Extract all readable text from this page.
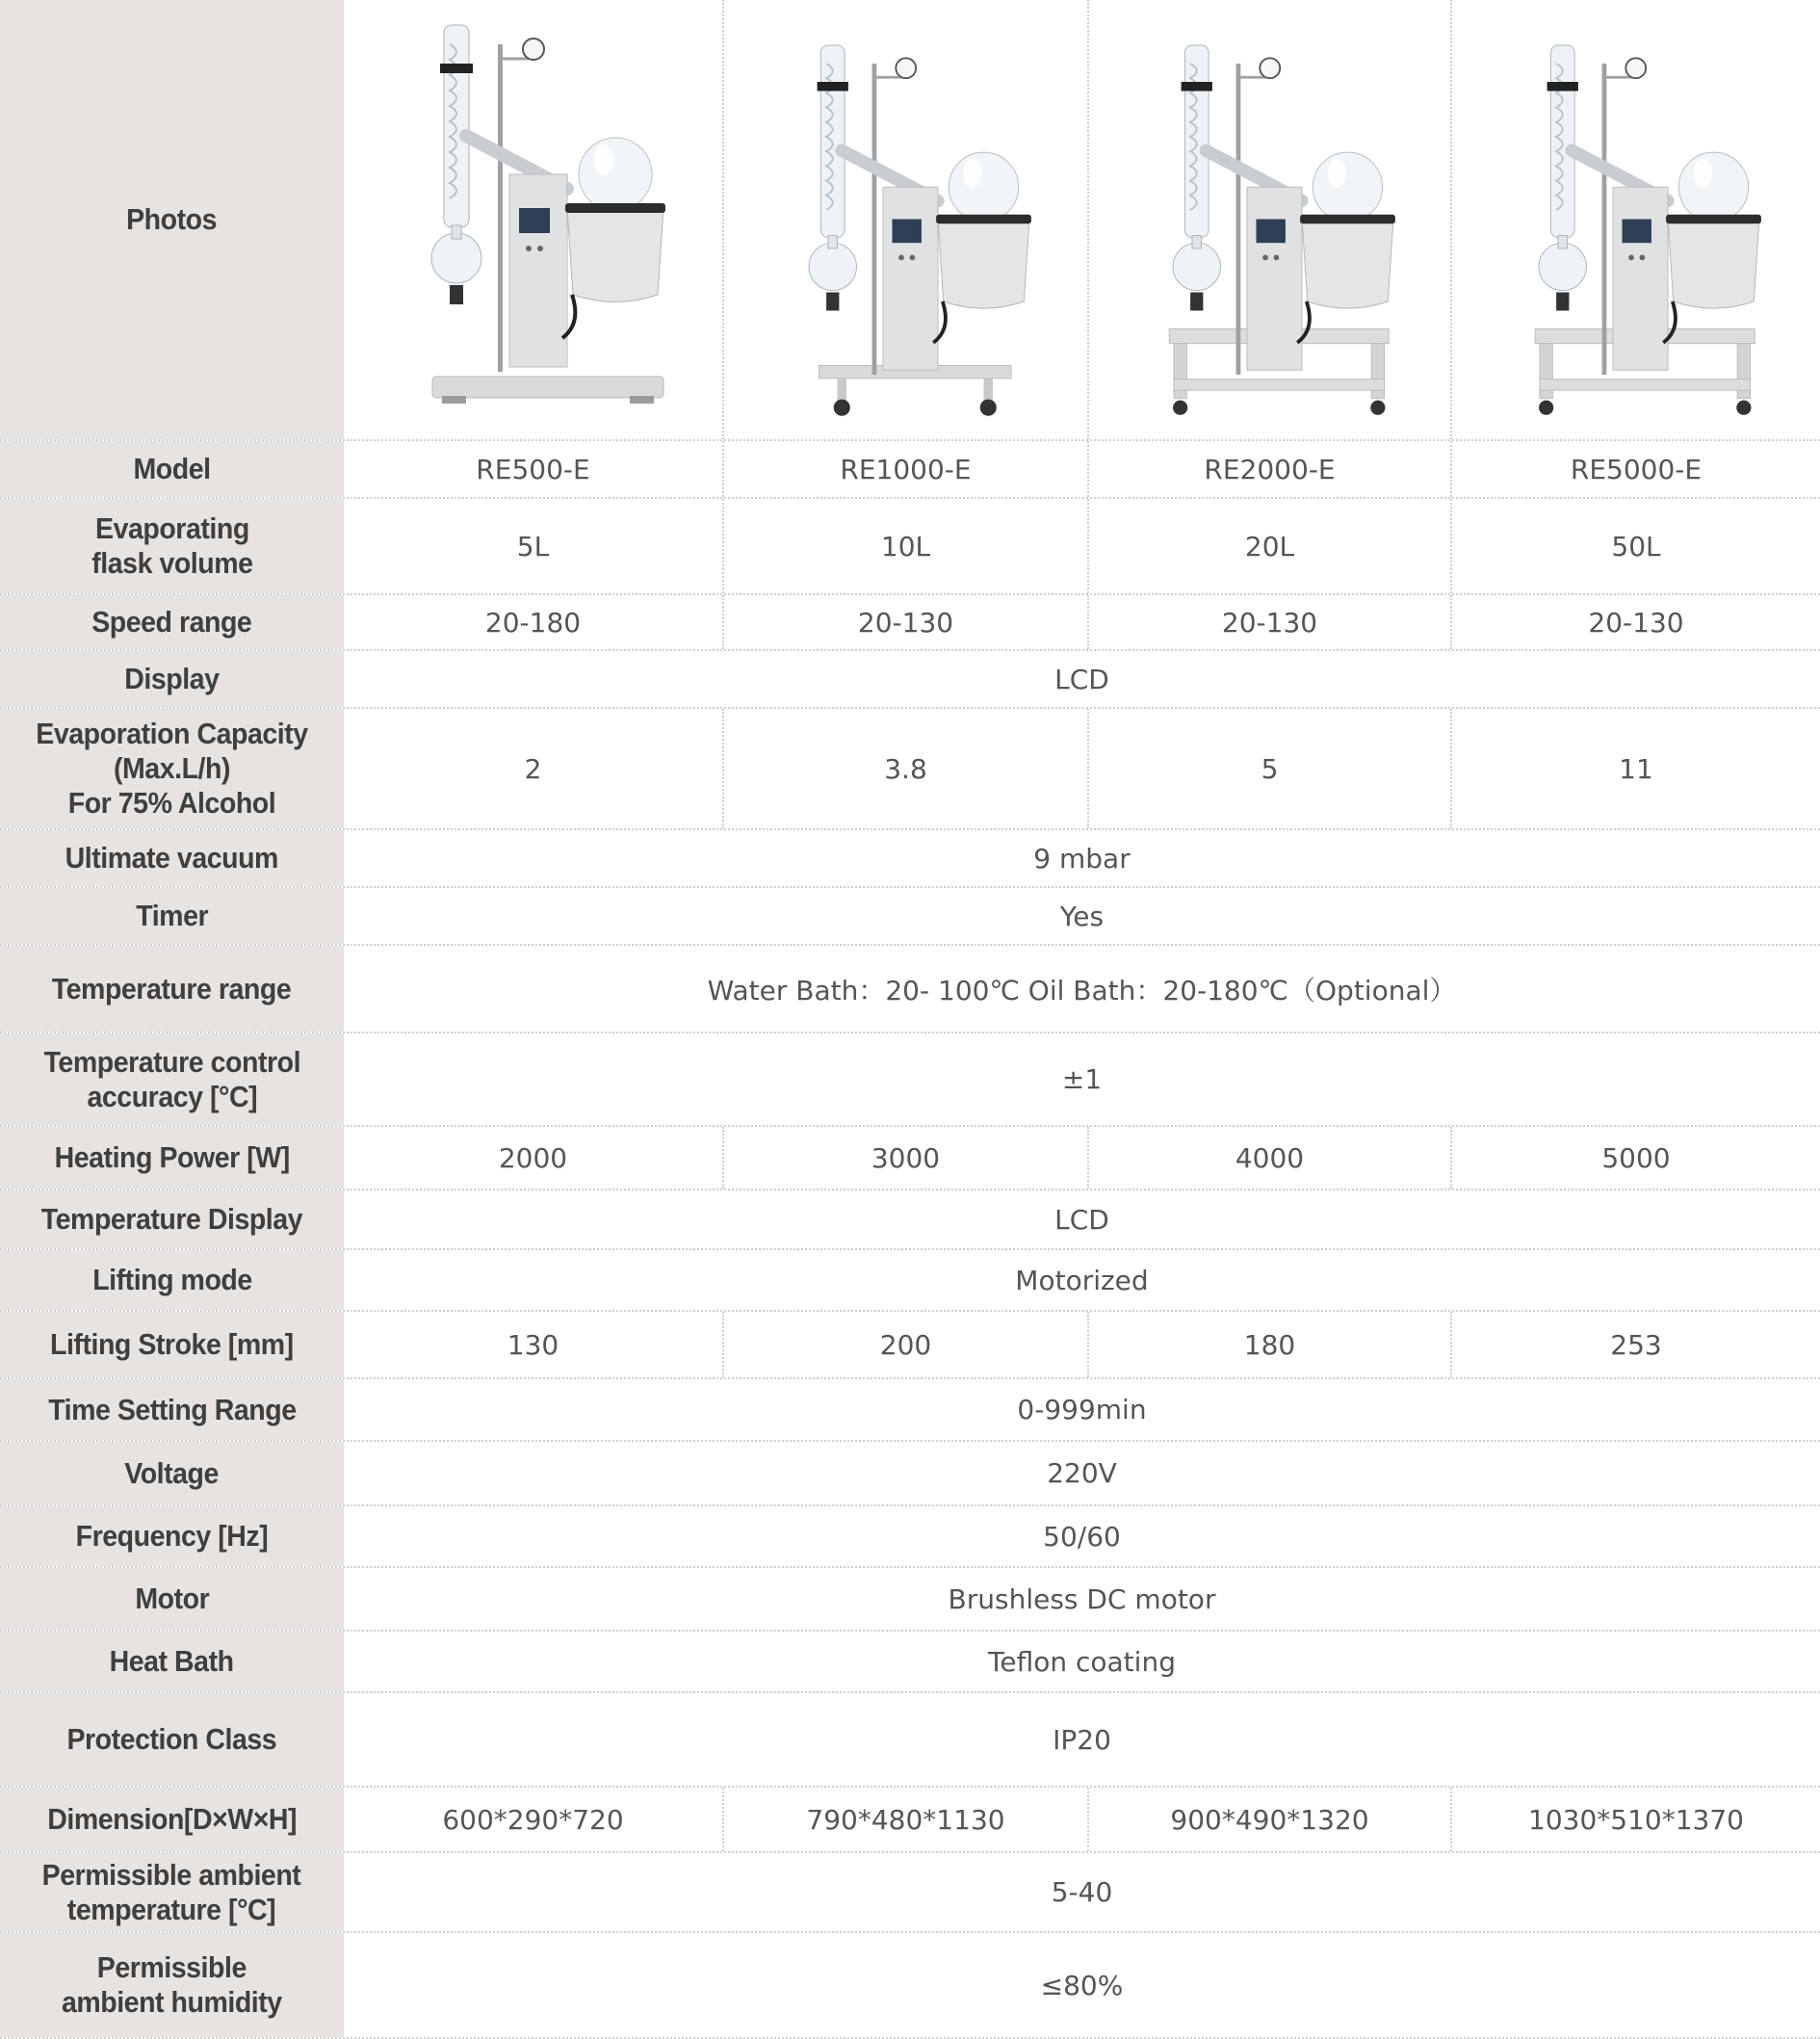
Photos
Model	RE500-E	RE1000-E	RE2000-E	RE5000-E
Evaporating
flask volume	5L	10L	20L	50L
Speed range	20-180	20-130	20-130	20-130
Display	LCD
Evaporation Capacity
(Max.L/h)
For 75% Alcohol
2	3.8	5	11
Ultimate vacuum	9 mbar
Timer	Yes
Temperature range	Water Bath：20- 100℃ Oil Bath：20-180℃（Optional）
Temperature control
accuracy [°C]	±1
Heating Power [W]	2000	3000	4000	5000
Temperature Display	LCD
Lifting mode	Motorized
Lifting Stroke [mm]	130	200	180	253
Time Setting Range	0-999min
Voltage	220V
Frequency [Hz]	50/60
Motor	Brushless DC motor
Heat Bath	Teflon coating
Protection Class	IP20
Dimension[D×W×H]	600*290*720	790*480*1130	900*490*1320	1030*510*1370
Permissible ambient
temperature [°C]	5-40
Permissible
ambient humidity	≤80%
